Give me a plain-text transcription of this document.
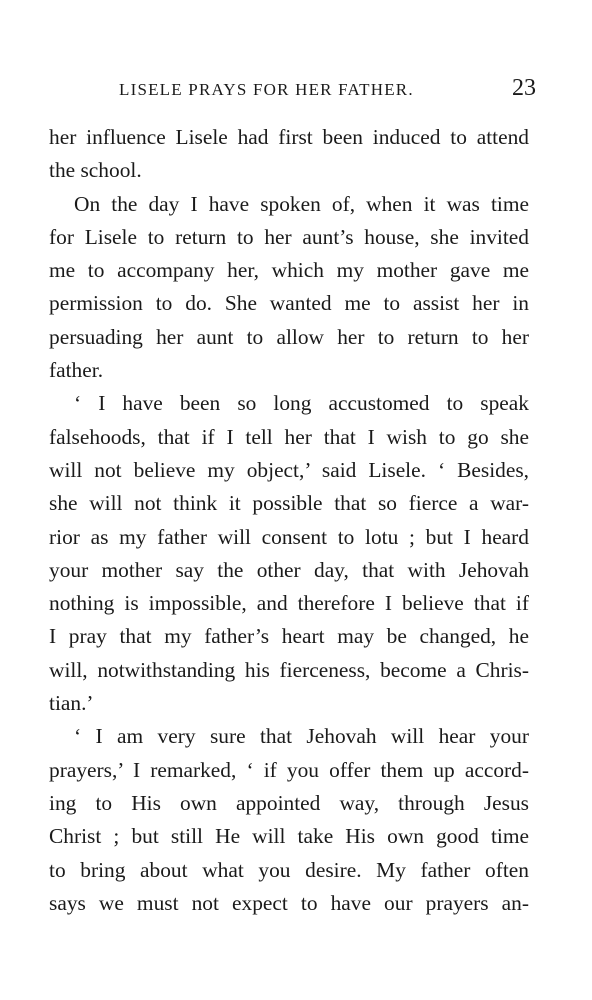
LISELE PRAYS FOR HER FATHER.	23
her influence Lisele had first been induced to attend
the school.
On the day I have spoken of, when it was time
for Lisele to return to her aunt’s house, she invited
me to accompany her, which my mother gave me
permission to do. She wanted me to assist her in
persuading her aunt to allow her to return to her
father.
‘ I have been so long accustomed to speak
falsehoods, that if I tell her that I wish to go she
will not believe my object,’ said Lisele. ‘ Besides,
she will not think it possible that so fierce a war-
rior as my father will consent to lotu ; but I heard
your mother say the other day, that with Jehovah
nothing is impossible, and therefore I believe that if
I pray that my father’s heart may be changed, he
will, notwithstanding his fierceness, become a Chris-
tian.’
‘ I am very sure that Jehovah will hear your
prayers,’ I remarked, ‘ if you offer them up accord-
ing to His own appointed way, through Jesus
Christ ; but still He will take His own good time
to bring about what you desire. My father often
says we must not expect to have our prayers an-
